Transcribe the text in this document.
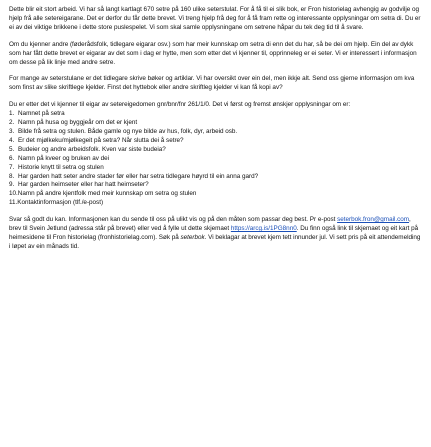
Dette blir eit stort arbeid. Vi har så langt kartlagt 670 setre på 160 ulike seterstulat. For å få til ei slik bok, er Fron historielag avhengig av godvilje og hjelp frå alle setereigarane. Det er derfor du får dette brevet. Vi treng hjelp frå deg for å få fram rette og interessante opplysningar om setra di. Du er ei av dei viktige brikkene i dette store puslespelet. Vi som skal samle opplysningane om setrene håpar du tek deg tid til å svare.

Om du kjenner andre (føderådsfolk, tidlegare eigarar osv.) som har meir kunnskap om setra di enn det du har, så be dei om hjelp. Ein del av dykk som har fått dette brevet er eigarar av det som i dag er hytte, men som etter det vi kjenner til, opprinneleg er ei seter. Vi er interessert i informasjon om desse på lik linje med andre setre.

For mange av seterstulane er det tidlegare skrive bøker og artiklar. Vi har oversikt over ein del, men ikkje alt. Send oss gjerne informasjon om kva som finst av slike skriftlege kjelder. Finst det hyttebok eller andre skriftleg kjelder vi kan få kopi av?

Du er etter det vi kjenner til eigar av setereigedomen gnr/bnr/fnr 261/1/0. Det vi først og fremst ønskjer opplysningar om er:

1. Namnet på setra
2. Namn på husa og byggjeår om det er kjent
3. Bilde frå setra og stulen. Både gamle og nye bilde av hus, folk, dyr, arbeid osb.
4. Er det mjølkeku/mjølkegeit på setra? Når slutta dei å setre?
5. Budeier og andre arbeidsfolk. Kven var siste budeia?
6. Namn på kveer og bruken av dei
7. Historie knytt til setra og stulen
8. Har garden hatt seter andre stader før eller har setra tidlegare høyrd til ein anna gard?
9. Har garden heimseter eller har hatt heimseter?
10.Namn på andre kjentfolk med meir kunnskap om setra og stulen
11.Kontaktinformasjon (tlf./e-post)

Svar så godt du kan. Informasjonen kan du sende til oss på ulikt vis og på den måten som passar deg best. Pr e-post seterbok.fron@gmail.com, brev til Svein Jetlund (adressa står på brevet) eller ved å fylle ut dette skjemaet https://arcg.is/1PG8nn0. Du finn også link til skjemaet og eit kart på heimesidene til Fron historielag (fronhistorielag.com). Søk på seterbok. Vi beklagar at brevet kjem tett innunder jul. Vi sett pris på eit attendemelding i løpet av ein månads tid.
